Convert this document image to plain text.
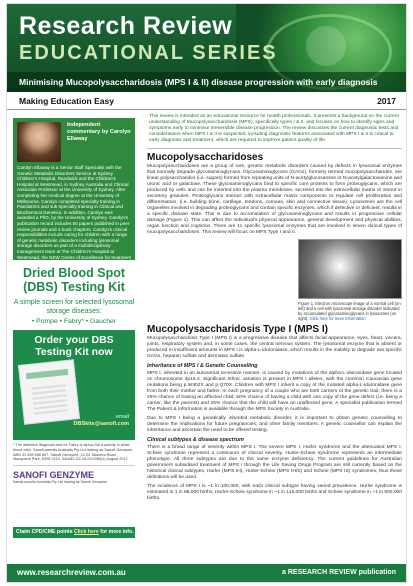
Research Review
EDUCATIONAL SERIES
Minimising Mucopolysaccharidosis (MPS I & II) disease progression with early diagnosis
Making Education Easy	2017
Independent commentary by Carolyn Ellaway
Carolyn Ellaway is a Senior Staff Specialist with the Genetic Metabolic Disorders Service at Sydney Children's Hospital, Randwick and the Children's Hospital at Westmead, in Sydney Australia and Clinical Associate Professor at the University of Sydney. After completing her medical degree at the University of Melbourne, Carolyn completed specialty training in Paediatrics and sub-specialty training in Clinical and Biochemical Genetics. In addition, Carolyn was awarded a PhD, by the University of Sydney. Carolyn's publication record includes 60 papers published in peer review journals and 4 book chapters. Carolyn's clinical responsibilities include caring for children with a range of genetic metabolic disorders including lysosomal storage disorders as part of a multidisciplinary management team at The Children's Hospital at Westmead, the NSW Centre of Excellence for treatment with enzyme replacement therapy.
Dried Blood Spot (DBS) Testing Kit
A simple screen for selected lysosomal storage diseases:
• Pompe • Fabry* • Gaucher
Order your DBS Testing Kit now
email
DBSkits@sanofi.com
* The definitive diagnosis test for Fabry is alpha-Gal A activity in white blood cells. Sanofi-aventis Australia Pty Ltd trading as Sanofi Genzyme ABN 31 008 558 807. Sanofi Genzyme, 12-24 Talavera Road, Macquarie Park, NSW 2113. SAANZ.GZ.16.03.0089(1) August 2017.
SANOFI GENZYME
Sanofi-aventis Australia Pty Ltd trading as Sanofi Genzyme
Claim CPD/CME points Click here for more info.
This review is intended as an educational resource for health professionals. It presents a background on the current understanding of Mucopolysaccharidosis (MPS), specifically types I & II, and focuses on how to identify signs and symptoms early to minimise irreversible disease progression. The review discusses the current diagnostic tests and considerations when MPS I & II is suspected, including diagnostic features associated with MPS I & II is critical to early diagnosis and treatment, which are required to improve patient quality of life.
Mucopolysaccharidoses
Mucopolysaccharidoses are a group of rare, genetic metabolic disorders caused by defects in lysosomal enzymes that normally degrade glycosaminoglycans. Glycosaminoglycans (GAGs), formerly termed mucopolysaccharides, are linear polysaccharides (i.e. sugars) formed from repeating units of N-acetylglucosamine or N-acetylgalactosamine and uronic acid or galactose. These glycosaminoglycans bind to specific core proteins to form proteoglycans, which are produced by cells and can be inserted into the plasma membrane, secreted into the extracellular matrix or stored in secretory granules. Proteoglycans interact with extracellular matrix components to regulate cell proliferation and differentiation, (i.e. building bone, cartilage, tendons, corneas, skin and connective tissue). Lysosomes are the cell organelles involved in degrading proteoglycans and contain specific enzymes, which if defective or deficient, results in a specific disease state. This is due to accumulation of glycosaminoglycans and results in progressive cellular damage (Figure 1). This can affect the individual's physical appearance, general development and physical abilities, organ function and cognition. There are 11 specific lysosomal enzymes that are involved in seven clinical types of mucopolysaccharidoses. This review will focus on MPS Type I and II.
Figure 1. Electron microscope image of a normal cell (on left) and a cell with lysosomal storage disorder indicated by accumulated glycosaminoglycans in lysosomes (on right). Click here for more information
Mucopolysaccharidosis Type I (MPS I)
Mucopolysaccharidosis Type I (MPS I) is a progressive disease that affects facial appearance, eyes, heart, viscera, joints, respiratory system and, in some cases, the central nervous system. The lysosomal enzyme that is absent or produced in insufficient amounts in MPS I is alpha-L-iduronidase, which results in the inability to degrade two specific GAGs, heparan sulfate and dermatan sulfate.
Inheritance of MPS I & Genetic Counselling
MPS I, inherited in an autosomal recessive manner, is caused by mutations of the alpha-L-iduronidase gene located on chromosome 4p16.3. Significant ethnic variation is present in MPS I alleles, with the common Caucasian gene mutations being p.W402X and p.Q70X. Children with MPS I inherit a copy of the mutated alpha-L-iduronidase gene from both their mother and father. In each pregnancy of a couple who are both carriers of the genetic trait, there is a 25% chance of having an affected child, 50% chance of having a child with one copy of the gene defect (i.e. being a carrier, like the parents) and 25% chance that the child will have an unaffected gene. A specialist publication termed The Patient & Information is available through the MPS Society in Australia.
Due to MPS I being a genetically inherited metabolic disorder, it is important to obtain genetic counselling to determine the implications for future pregnancies, and other family members. A genetic counsellor can explain the inheritance and ascertain the need to be offered testing.
Clinical subtypes & disease spectrum
There is a broad range of severity within MPS I. The severe MPS I, Hurler syndrome and the attenuated MPS I, Scheie syndrome represent a continuum of clinical severity. Hurler-Scheie syndrome represents an intermediate phenotype. All three subtypes are due to the same enzyme deficiency. The current guidelines for Australian government subsidised treatment of MPS I through the Life Saving Drugs Program are still currently based on the historical clinical subtypes, Hurler (MPS IH), Hurler-Scheie (MPS IH/S) and Scheie (MPS IS) syndromes, thus these definitions will be used.
The incidence of MPS I is ~1 in 100,000, with each clinical subtype having varied prevalence. Hurler syndrome is estimated in 1 in 88,000 births, Hurler-Scheie syndrome in ~1 in 115,000 births and Scheie syndrome in ~1 in 500,000 births.
www.researchreview.com.au	a RESEARCH REVIEW publication
